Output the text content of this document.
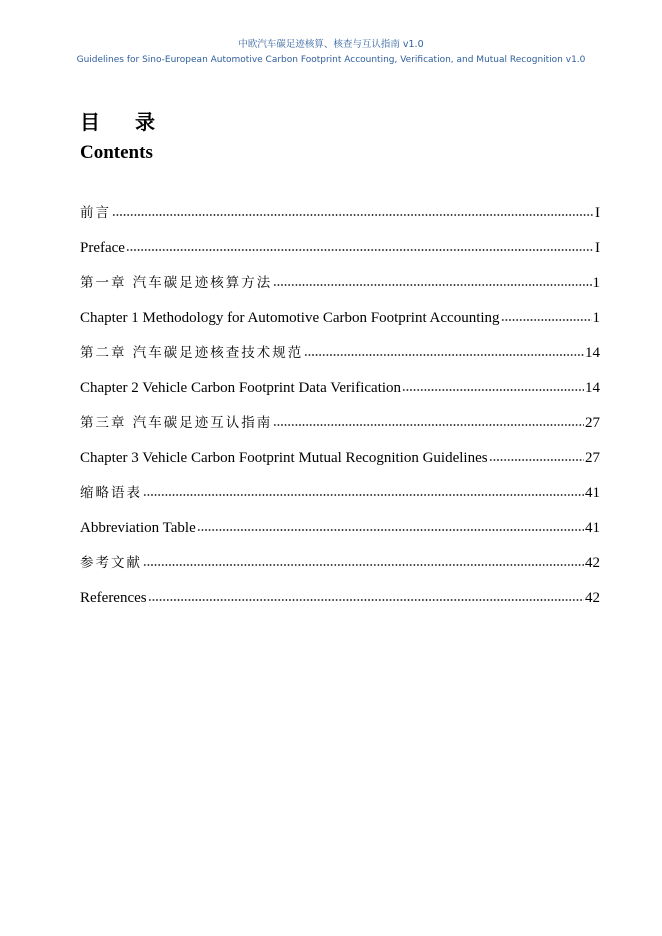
中欧汽车碳足迹核算、核查与互认指南 v1.0
Guidelines for Sino-European Automotive Carbon Footprint Accounting, Verification, and Mutual Recognition v1.0
目 录
Contents
前言	I
Preface	I
第一章 汽车碳足迹核算方法	1
Chapter 1 Methodology for Automotive Carbon Footprint Accounting	1
第二章 汽车碳足迹核查技术规范	14
Chapter 2 Vehicle Carbon Footprint Data Verification	14
第三章 汽车碳足迹互认指南	27
Chapter 3 Vehicle Carbon Footprint Mutual Recognition Guidelines	27
缩略语表	41
Abbreviation Table	41
参考文献	42
References	42
